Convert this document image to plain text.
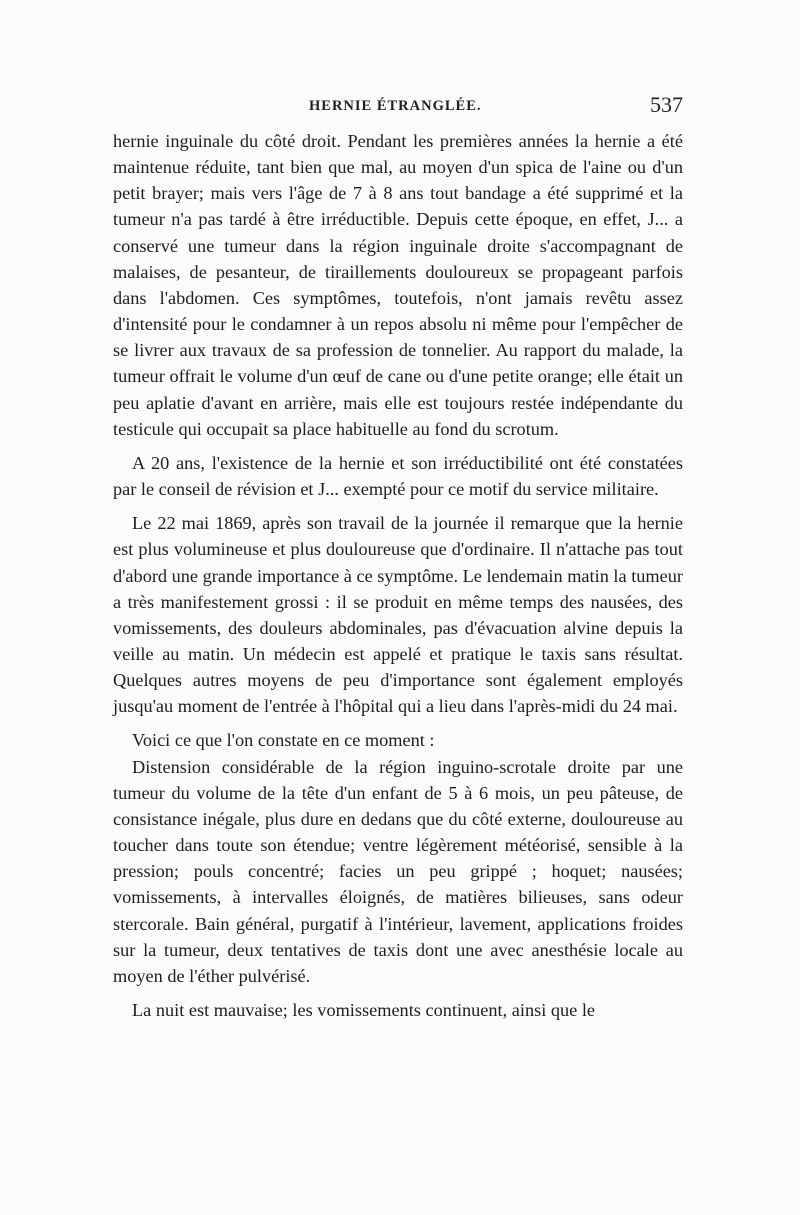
HERNIE ÉTRANGLÉE.	537

hernie inguinale du côté droit. Pendant les premières années la hernie a été maintenue réduite, tant bien que mal, au moyen d'un spica de l'aine ou d'un petit brayer; mais vers l'âge de 7 à 8 ans tout bandage a été supprimé et la tumeur n'a pas tardé à être irréductible. Depuis cette époque, en effet, J... a conservé une tumeur dans la région inguinale droite s'accompagnant de malaises, de pesanteur, de tiraillements douloureux se propageant parfois dans l'abdomen. Ces symptômes, toutefois, n'ont jamais revêtu assez d'intensité pour le condamner à un repos absolu ni même pour l'empêcher de se livrer aux travaux de sa profession de tonnelier. Au rapport du malade, la tumeur offrait le volume d'un œuf de cane ou d'une petite orange; elle était un peu aplatie d'avant en arrière, mais elle est toujours restée indépendante du testicule qui occupait sa place habituelle au fond du scrotum.

A 20 ans, l'existence de la hernie et son irréductibilité ont été constatées par le conseil de révision et J... exempté pour ce motif du service militaire.

Le 22 mai 1869, après son travail de la journée il remarque que la hernie est plus volumineuse et plus douloureuse que d'ordinaire. Il n'attache pas tout d'abord une grande importance à ce symptôme. Le lendemain matin la tumeur a très manifestement grossi : il se produit en même temps des nausées, des vomissements, des douleurs abdominales, pas d'évacuation alvine depuis la veille au matin. Un médecin est appelé et pratique le taxis sans résultat. Quelques autres moyens de peu d'importance sont également employés jusqu'au moment de l'entrée à l'hôpital qui a lieu dans l'après-midi du 24 mai.

Voici ce que l'on constate en ce moment :

Distension considérable de la région inguino-scrotale droite par une tumeur du volume de la tête d'un enfant de 5 à 6 mois, un peu pâteuse, de consistance inégale, plus dure en dedans que du côté externe, douloureuse au toucher dans toute son étendue; ventre légèrement météorisé, sensible à la pression; pouls concentré; facies un peu grippé ; hoquet; nausées; vomissements, à intervalles éloignés, de matières bilieuses, sans odeur stercorale. Bain général, purgatif à l'intérieur, lavement, applications froides sur la tumeur, deux tentatives de taxis dont une avec anesthésie locale au moyen de l'éther pulvérisé.

La nuit est mauvaise; les vomissements continuent, ainsi que le
